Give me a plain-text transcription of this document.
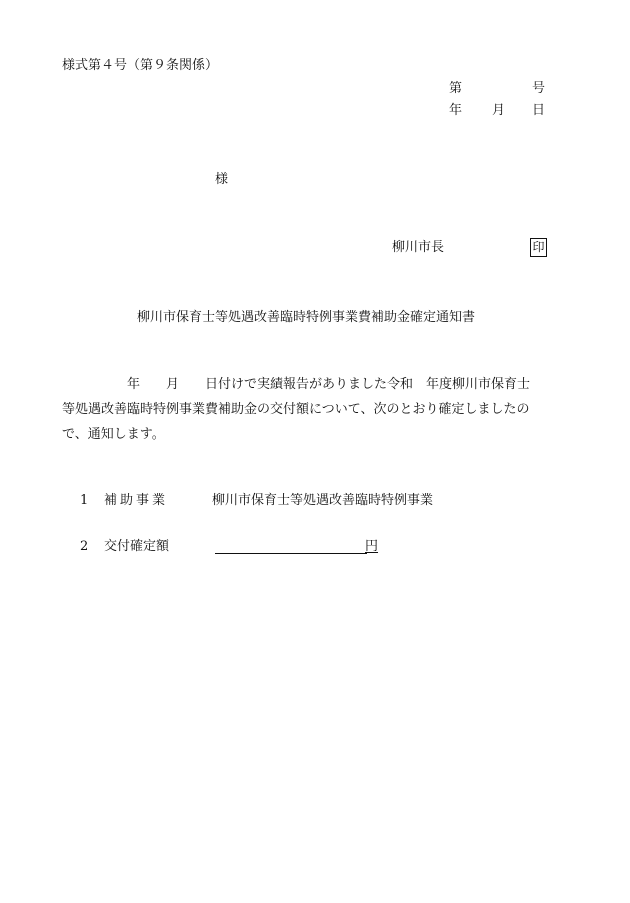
様式第４号（第９条関係）
第	号
年 月 日
様
柳川市長	印
柳川市保育士等処遇改善臨時特例事業費補助金確定通知書
　　　　　年　　月　　日付けで実績報告がありました令和　年度柳川市保育士
等処遇改善臨時特例事業費補助金の交付額について、次のとおり確定しましたの
で、通知します。
1 補助事業	柳川市保育士等処遇改善臨時特例事業
2 交付確定額	円
